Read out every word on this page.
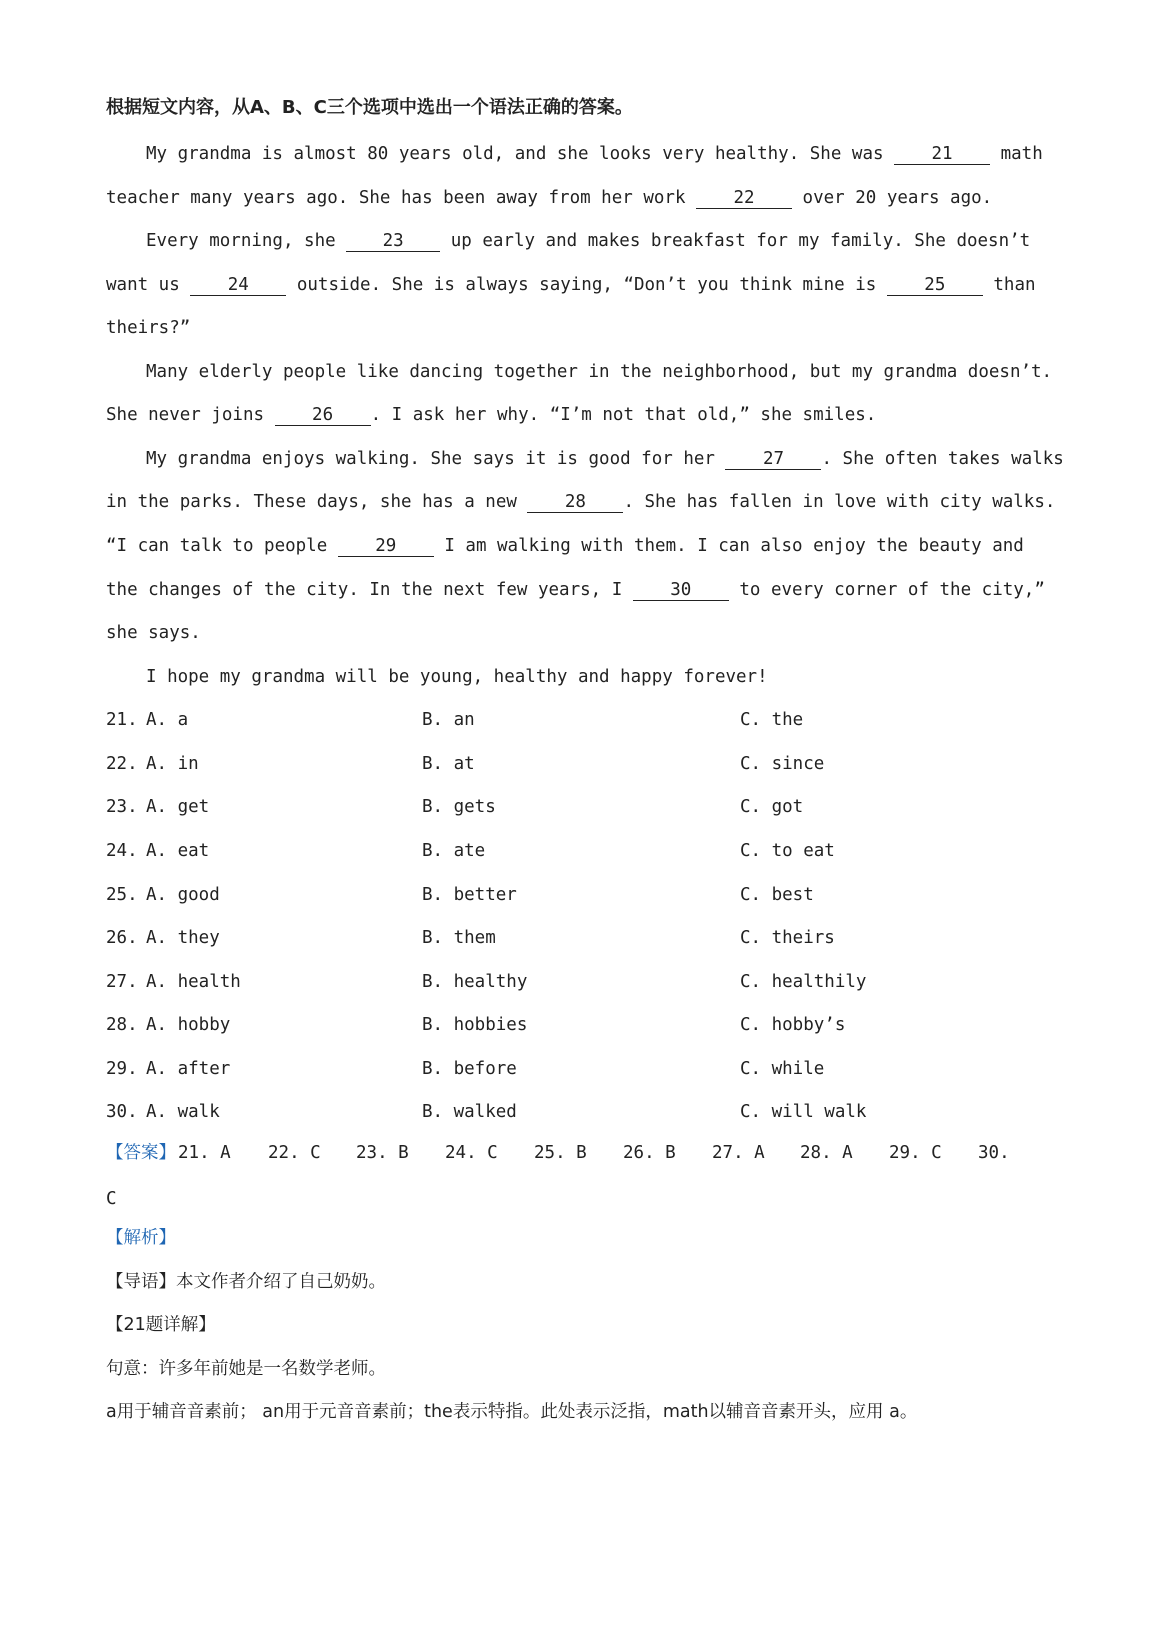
根据短文内容，从A、B、C三个选项中选出一个语法正确的答案。
My grandma is almost 80 years old, and she looks very healthy. She was 21 math
teacher many years ago. She has been away from her work 22 over 20 years ago.
Every morning, she 23 up early and makes breakfast for my family. She doesn’t
want us 24 outside. She is always saying, “Don’t you think mine is 25 than
theirs?”
Many elderly people like dancing together in the neighborhood, but my grandma doesn’t.
She never joins 26 . I ask her why. “I’m not that old,” she smiles.
My grandma enjoys walking. She says it is good for her 27 . She often takes walks
in the parks. These days, she has a new 28 . She has fallen in love with city walks.
“I can talk to people 29 I am walking with them. I can also enjoy the beauty and
the changes of the city. In the next few years, I 30 to every corner of the city,”
she says.
I hope my grandma will be young, healthy and happy forever!
21. A. a	B. an	C. the
22. A. in	B. at	C. since
23. A. get	B. gets	C. got
24. A. eat	B. ate	C. to eat
25. A. good	B. better	C. best
26. A. they	B. them	C. theirs
27. A. health	B. healthy	C. healthily
28. A. hobby	B. hobbies	C. hobby’s
29. A. after	B. before	C. while
30. A. walk	B. walked	C. will walk
【答案】 21. A 22. C 23. B 24. C 25. B 26. B 27. A 28. A 29. C 30.
C
【解析】
【导语】本文作者介绍了自己奶奶。
【21题详解】
句意：许多年前她是一名数学老师。
a用于辅音音素前； an用于元音音素前；the表示特指。此处表示泛指，math以辅音音素开头，应用 a。
